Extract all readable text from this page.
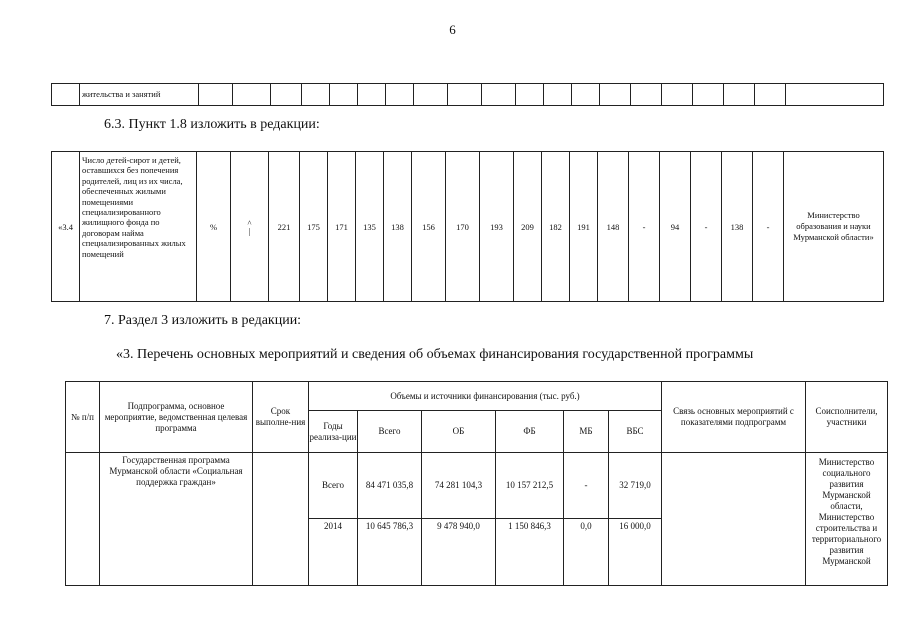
6
	жительства и занятий																				
6.3. Пункт 1.8 изложить в редакции:
«3.4	Число детей-сирот и детей, оставшихся без попечения родителей, лиц из их числа, обеспеченных жилыми помещениями специализированного жилищного фонда по договорам найма специализированных жилых помещений	%	^
|	221	175	171	135	138	156	170	193	209	182	191	148	-	94	-	138	-	Министерство образования и науки Мурманской области»
7. Раздел 3 изложить в редакции:
«3. Перечень основных мероприятий и сведения об объемах финансирования государственной программы
№ п/п	Подпрограмма, основное мероприятие, ведомственная целевая программа	Срок выполне-ния	Объемы и источники финансирования (тыс. руб.)						Связь основных мероприятий с показателями подпрограмм	Соисполнители, участники
			Годы реализа-ции	Всего	ОБ	ФБ	МБ	ВБС		
	Государственная программа Мурманской области «Социальная поддержка граждан»		Всего	84 471 035,8	74 281 104,3	10 157 212,5	-	32 719,0		Министерство социального развития Мурманской области, Министерство строительства и территориального развития Мурманской
			2014	10 645 786,3	9 478 940,0	1 150 846,3	0,0	16 000,0		
